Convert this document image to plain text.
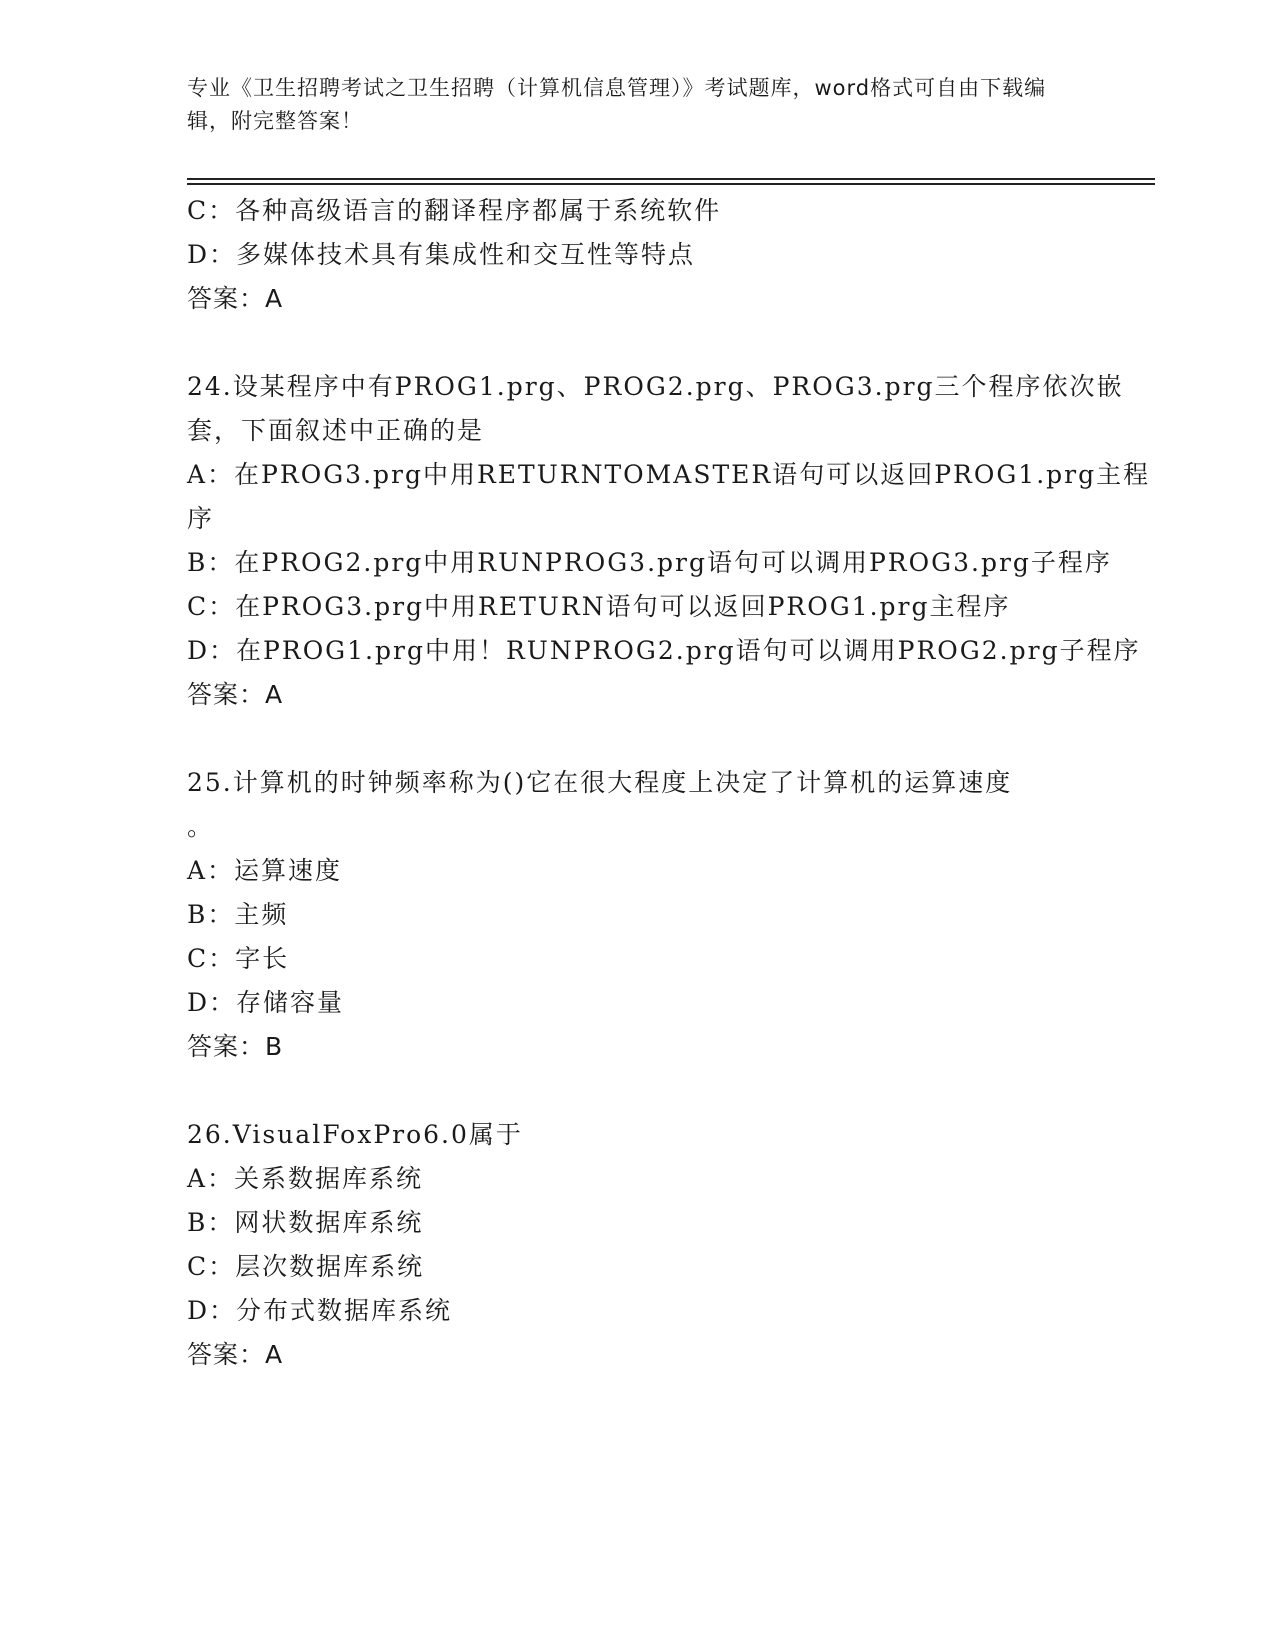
专业《卫生招聘考试之卫生招聘（计算机信息管理）》考试题库，word格式可自由下载编辑，附完整答案！
C：各种高级语言的翻译程序都属于系统软件
D：多媒体技术具有集成性和交互性等特点
答案：A
24.设某程序中有PROG1.prg、PROG2.prg、PROG3.prg三个程序依次嵌
套，下面叙述中正确的是
A：在PROG3.prg中用RETURNTOMASTER语句可以返回PROG1.prg主程
序
B：在PROG2.prg中用RUNPROG3.prg语句可以调用PROG3.prg子程序
C：在PROG3.prg中用RETURN语句可以返回PROG1.prg主程序
D：在PROG1.prg中用！RUNPROG2.prg语句可以调用PROG2.prg子程序
答案：A
25.计算机的时钟频率称为()它在很大程度上决定了计算机的运算速度
。
A：运算速度
B：主频
C：字长
D：存储容量
答案：B
26.VisualFoxPro6.0属于
A：关系数据库系统
B：网状数据库系统
C：层次数据库系统
D：分布式数据库系统
答案：A
